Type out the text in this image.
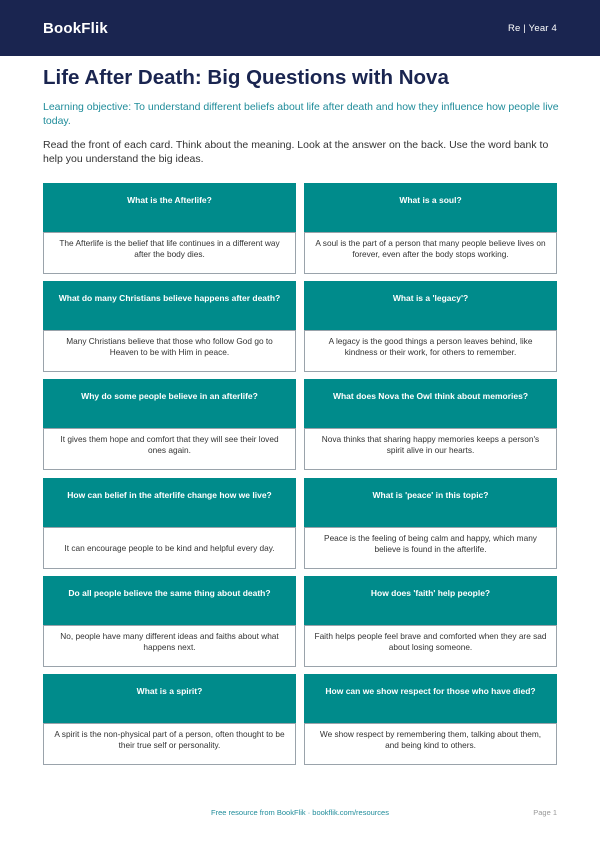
BookFlik	Re | Year 4
Life After Death: Big Questions with Nova

Learning objective: To understand different beliefs about life after death and how they influence how people live today.

Read the front of each card. Think about the meaning. Look at the answer on the back. Use the word bank to help you understand the big ideas.

What is the Afterlife?
The Afterlife is the belief that life continues in a different way after the body dies.
What is a soul?
A soul is the part of a person that many people believe lives on forever, even after the body stops working.
What do many Christians believe happens after death?
Many Christians believe that those who follow God go to Heaven to be with Him in peace.
What is a 'legacy'?
A legacy is the good things a person leaves behind, like kindness or their work, for others to remember.
Why do some people believe in an afterlife?
It gives them hope and comfort that they will see their loved ones again.
What does Nova the Owl think about memories?
Nova thinks that sharing happy memories keeps a person's spirit alive in our hearts.
How can belief in the afterlife change how we live?
It can encourage people to be kind and helpful every day.
What is 'peace' in this topic?
Peace is the feeling of being calm and happy, which many believe is found in the afterlife.
Do all people believe the same thing about death?
No, people have many different ideas and faiths about what happens next.
How does 'faith' help people?
Faith helps people feel brave and comforted when they are sad about losing someone.
What is a spirit?
A spirit is the non-physical part of a person, often thought to be their true self or personality.
How can we show respect for those who have died?
We show respect by remembering them, talking about them, and being kind to others.
Free resource from BookFlik · bookflik.com/resources	Page 1
